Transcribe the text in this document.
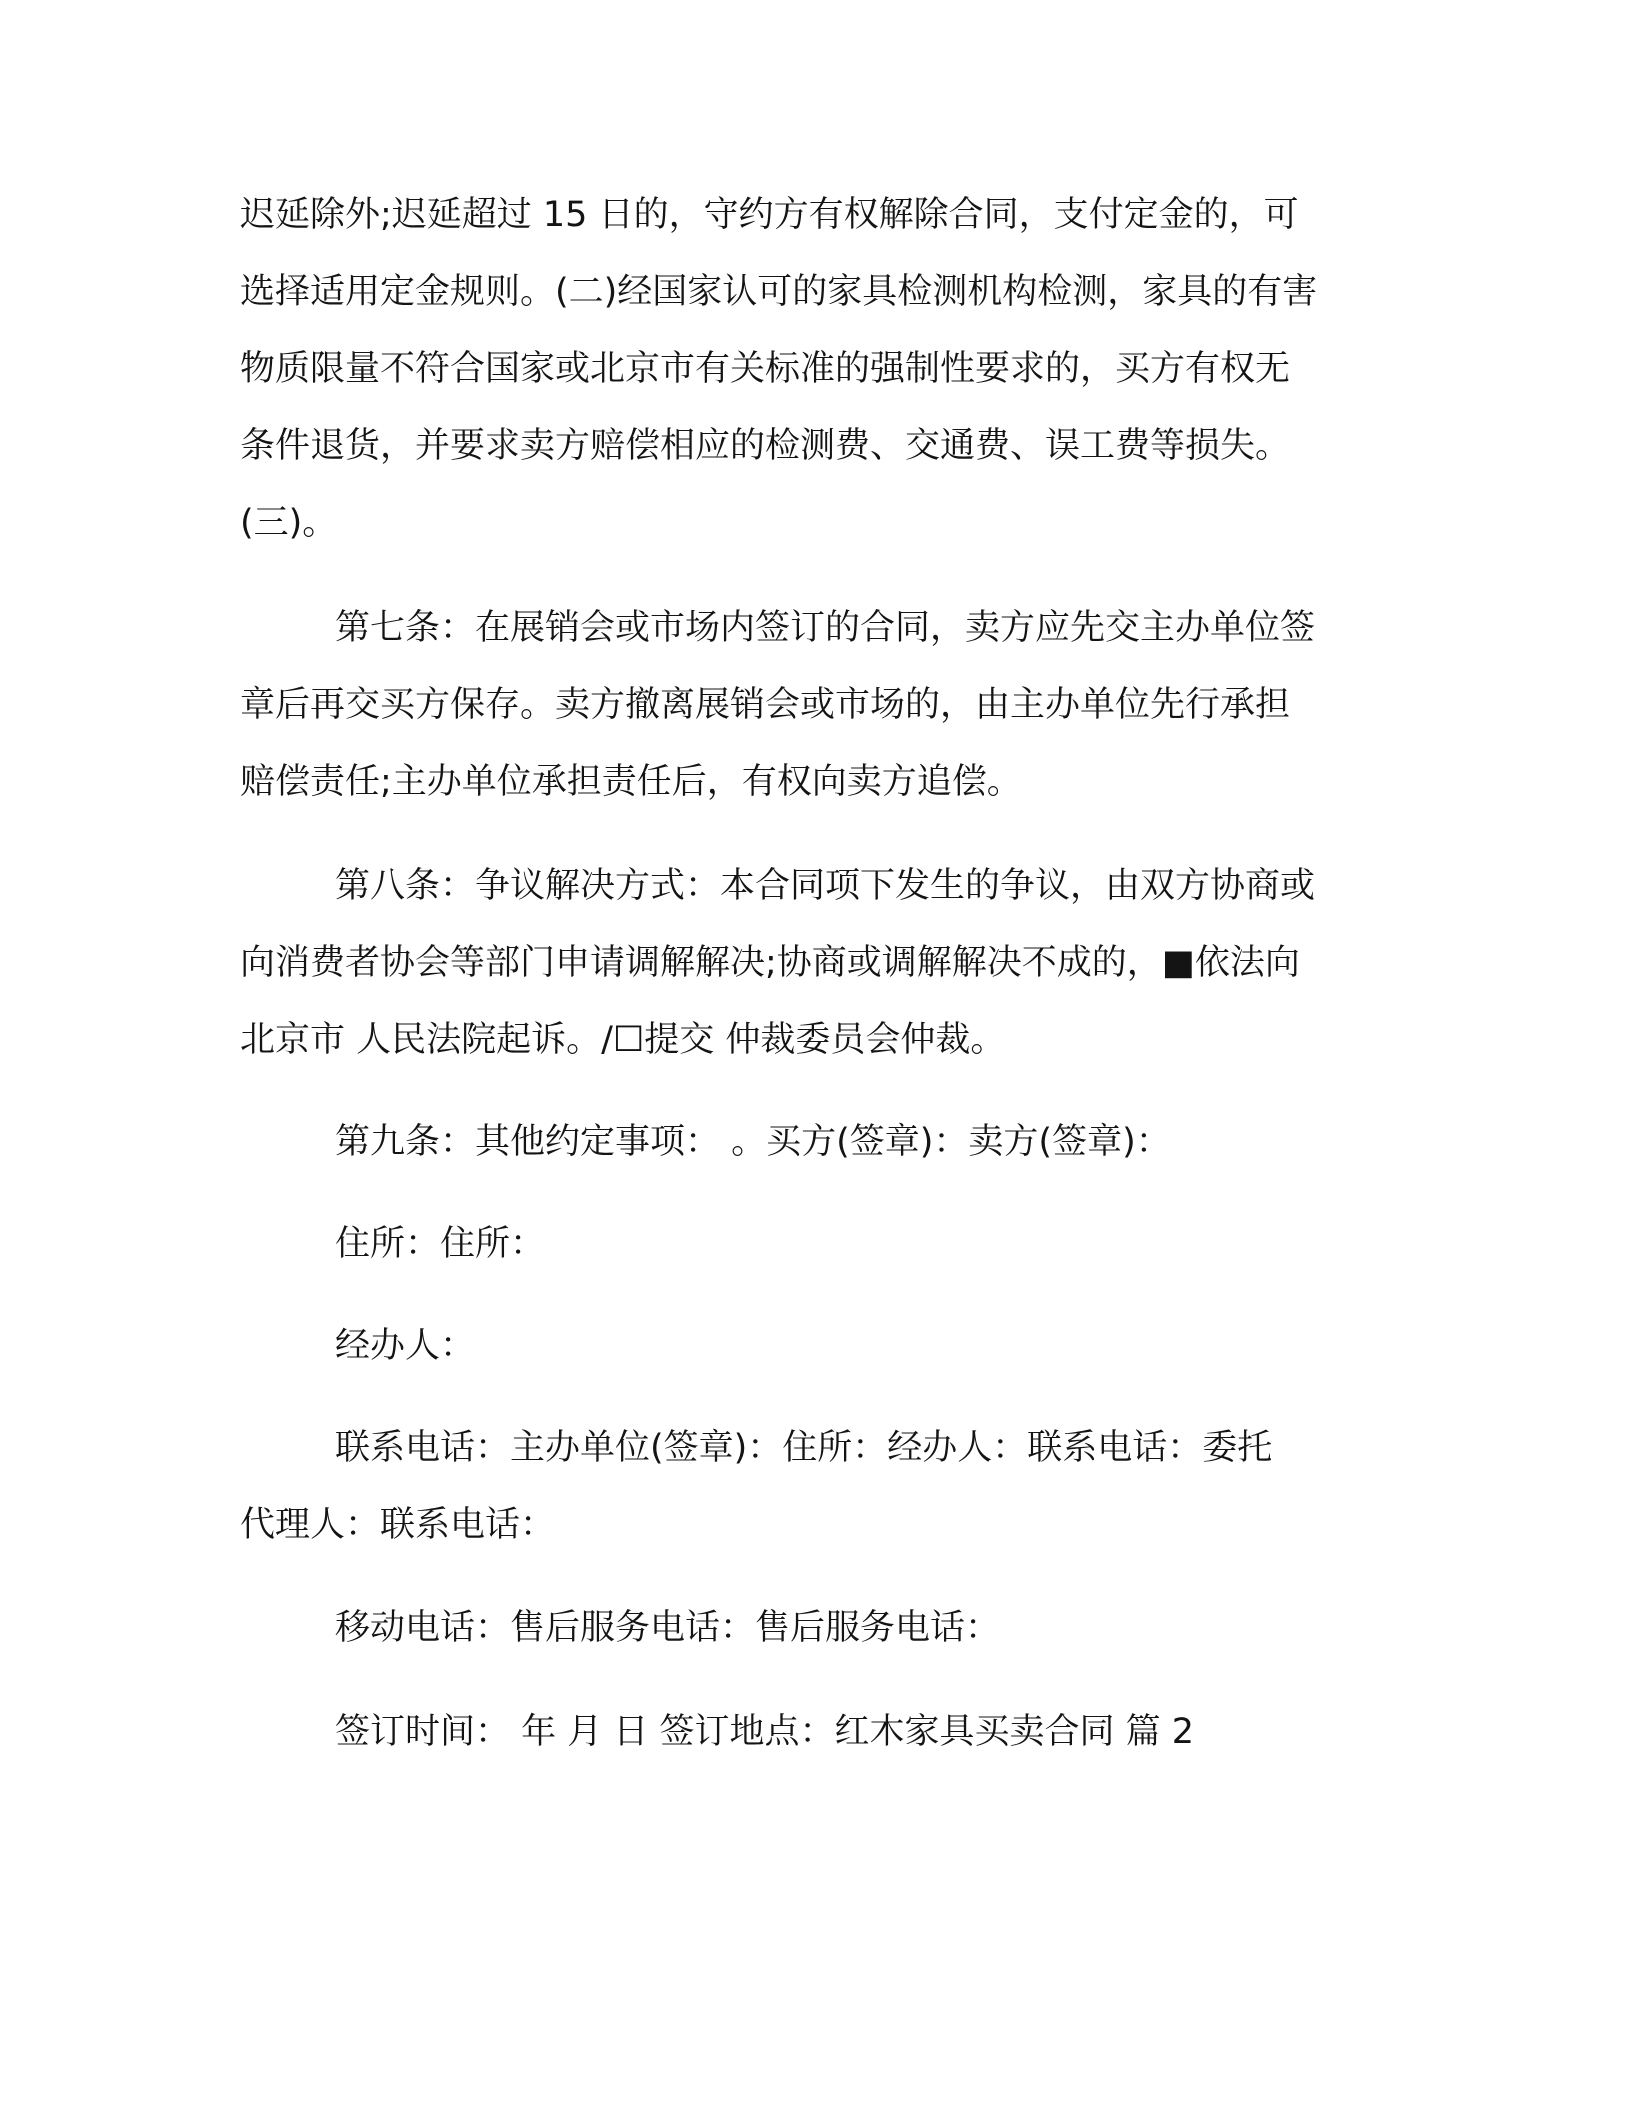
迟延除外;迟延超过 15 日的，守约方有权解除合同，支付定金的，可
选择适用定金规则。(二)经国家认可的家具检测机构检测，家具的有害
物质限量不符合国家或北京市有关标准的强制性要求的，买方有权无
条件退货，并要求卖方赔偿相应的检测费、交通费、误工费等损失。
(三)。
第七条：在展销会或市场内签订的合同，卖方应先交主办单位签
章后再交买方保存。卖方撤离展销会或市场的，由主办单位先行承担
赔偿责任;主办单位承担责任后，有权向卖方追偿。
第八条：争议解决方式：本合同项下发生的争议，由双方协商或
向消费者协会等部门申请调解解决;协商或调解解决不成的，■依法向
北京市 人民法院起诉。/☐提交 仲裁委员会仲裁。
第九条：其他约定事项： 。买方(签章)：卖方(签章)：
住所：住所：
经办人：
联系电话：主办单位(签章)：住所：经办人：联系电话：委托
代理人：联系电话：
移动电话：售后服务电话：售后服务电话：
签订时间： 年 月 日 签订地点：红木家具买卖合同 篇 2
